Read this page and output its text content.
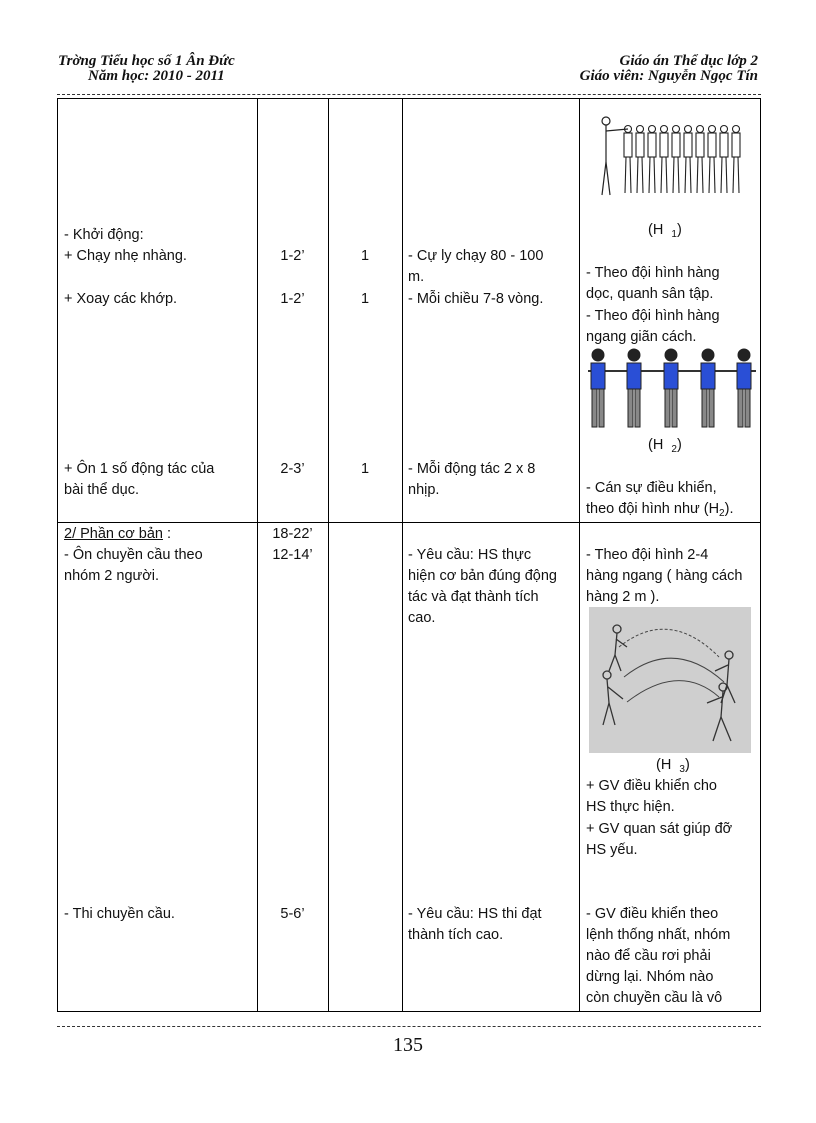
Trờng Tiểu học số 1 Ân Đức
Năm học: 2010 - 2011
Giáo án Thể dục lớp 2
Giáo viên: Nguyễn Ngọc Tín
- Khởi động:
+ Chạy nhẹ nhàng.
+ Xoay các khớp.
+ Ôn 1 số động tác của
bài thể dục.
2/ Phần cơ bản :
- Ôn chuyền cầu theo
nhóm 2 người.
- Thi chuyền cầu.
1-2’
1-2’
2-3’
18-22’
12-14’
5-6’
1
1
1
- Cự ly chạy 80 - 100
m.
- Mỗi chiều 7-8 vòng.
- Mỗi động tác 2 x 8
nhịp.
- Yêu cầu: HS thực
hiện cơ bản đúng động
tác và đạt thành tích
cao.
- Yêu cầu: HS thi đạt
thành tích cao.
(H $_1$)
- Theo đội hình hàng
dọc, quanh sân tập.
- Theo đội hình hàng
ngang giãn cách.
(H $_2$)
- Cán sự điều khiển,
theo đội hình như $(H_2)$.
- Theo đội hình 2-4
hàng ngang ( hàng cách
hàng 2 m ).
(H $_3$)
+ GV điều khiển cho
HS thực hiện.
+ GV quan sát giúp đỡ
HS yếu.
- GV điều khiển theo
lệnh thống nhất, nhóm
nào để cầu rơi phải
dừng lại. Nhóm nào
còn chuyền cầu là vô
135
